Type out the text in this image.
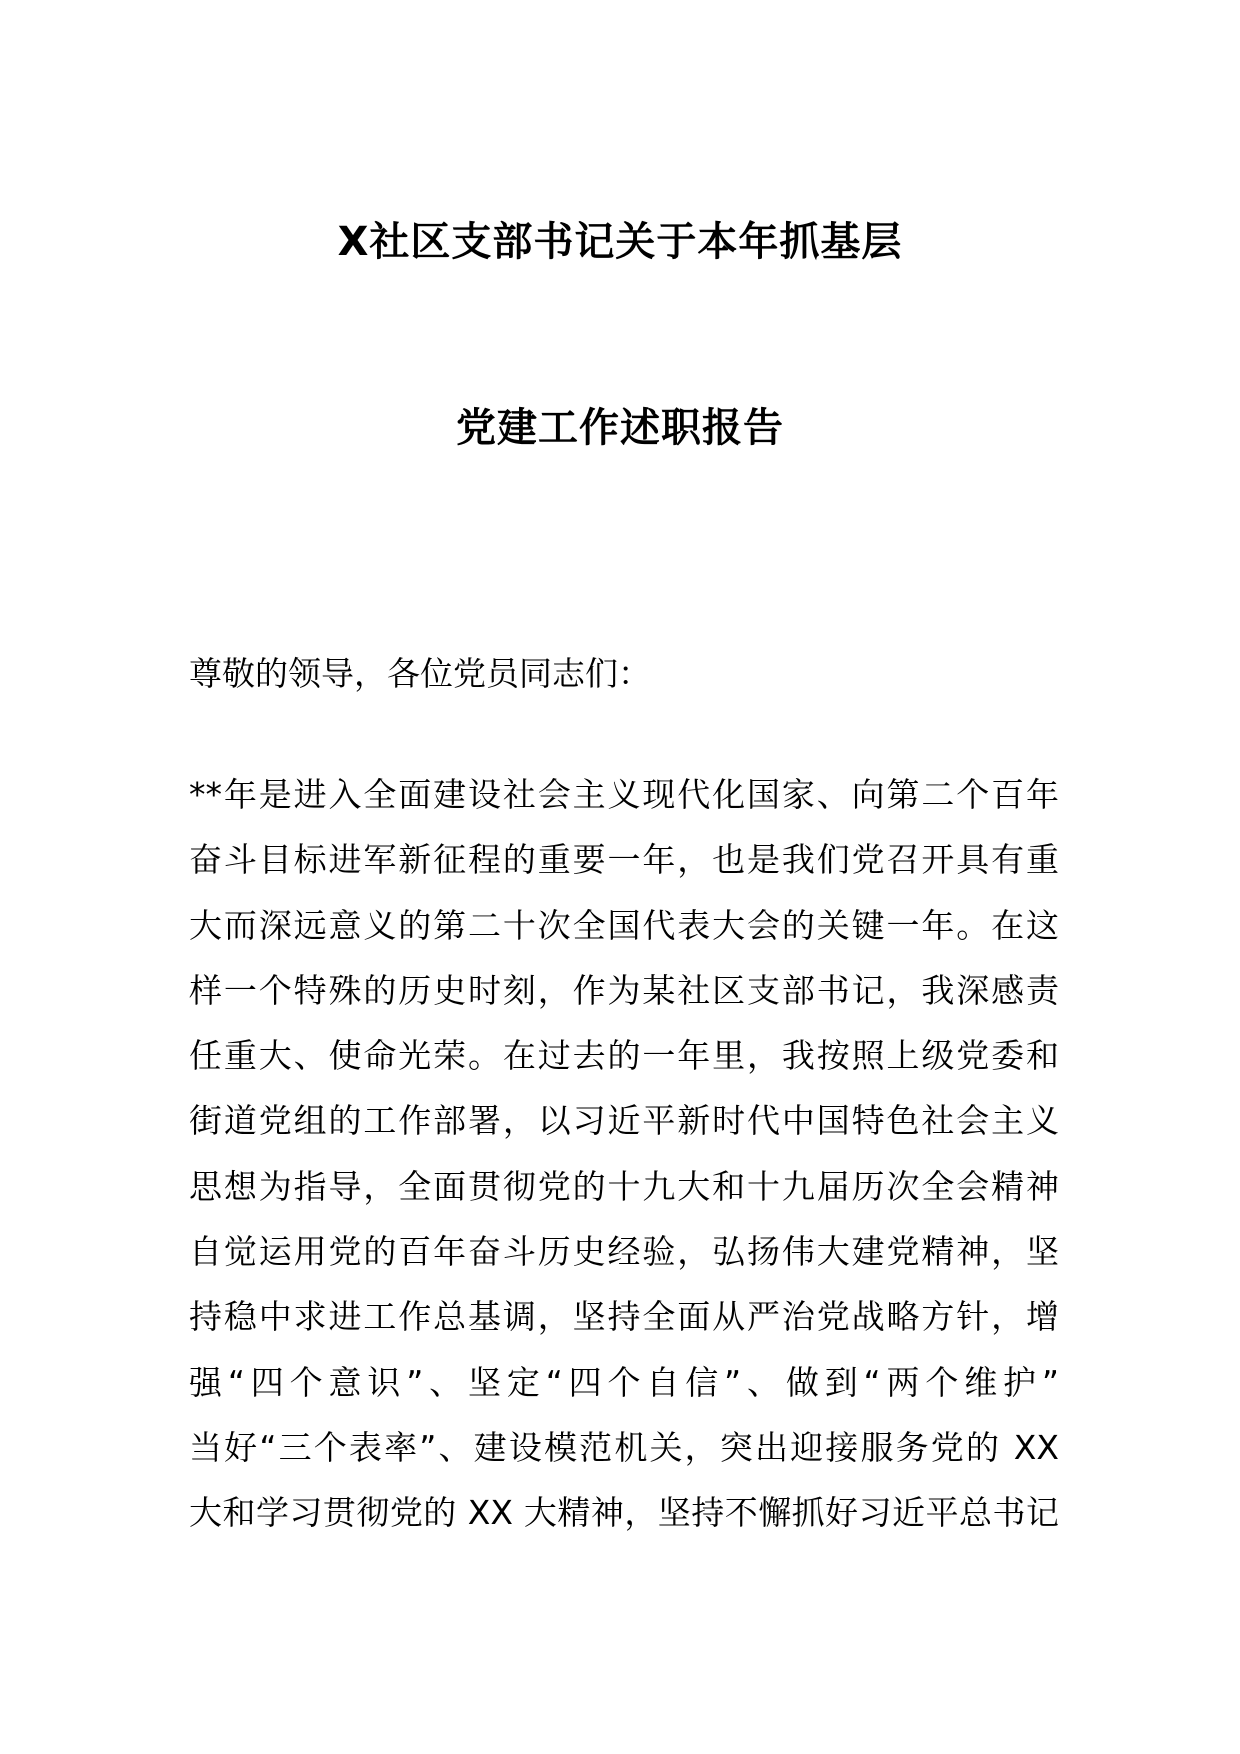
X社区支部书记关于本年抓基层
党建工作述职报告
尊敬的领导，各位党员同志们：
**年是进入全面建设社会主义现代化国家、向第二个百年
奋斗目标进军新征程的重要一年，也是我们党召开具有重
大而深远意义的第二十次全国代表大会的关键一年。在这
样一个特殊的历史时刻，作为某社区支部书记，我深感责
任重大、使命光荣。在过去的一年里，我按照上级党委和
街道党组的工作部署，以习近平新时代中国特色社会主义
思想为指导，全面贯彻党的十九大和十九届历次全会精神
自觉运用党的百年奋斗历史经验，弘扬伟大建党精神，坚
持稳中求进工作总基调，坚持全面从严治党战略方针，增
强“四个意识”、坚定“四个自信”、做到“两个维护”
当好“三个表率”、建设模范机关，突出迎接服务党的 XX
大和学习贯彻党的 XX 大精神，坚持不懈抓好习近平总书记
